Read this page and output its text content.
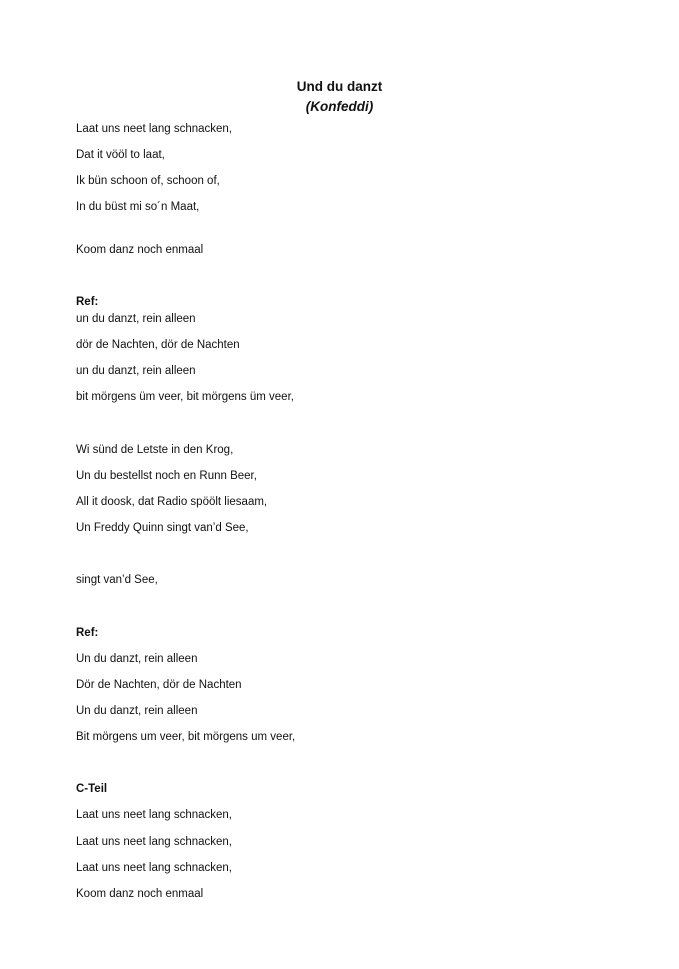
Und du danzt
(Konfeddi)
Laat uns neet lang schnacken,
Dat it vööl to laat,
Ik bün schoon of, schoon of,
In du büst mi so´n Maat,
Koom danz noch enmaal
Ref:
un du danzt, rein alleen
dör de Nachten, dör de Nachten
un du danzt, rein alleen
bit mörgens üm veer, bit mörgens üm veer,
Wi sünd de Letste in den Krog,
Un du bestellst noch en Runn Beer,
All it doosk, dat Radio spöölt liesaam,
Un Freddy Quinn singt van’d See,
singt van’d See,
Ref:
Un du danzt, rein alleen
Dör de Nachten, dör de Nachten
Un du danzt, rein alleen
Bit mörgens um veer, bit mörgens um veer,
C-Teil
Laat uns neet lang schnacken,
Laat uns neet lang schnacken,
Laat uns neet lang schnacken,
Koom danz noch enmaal
